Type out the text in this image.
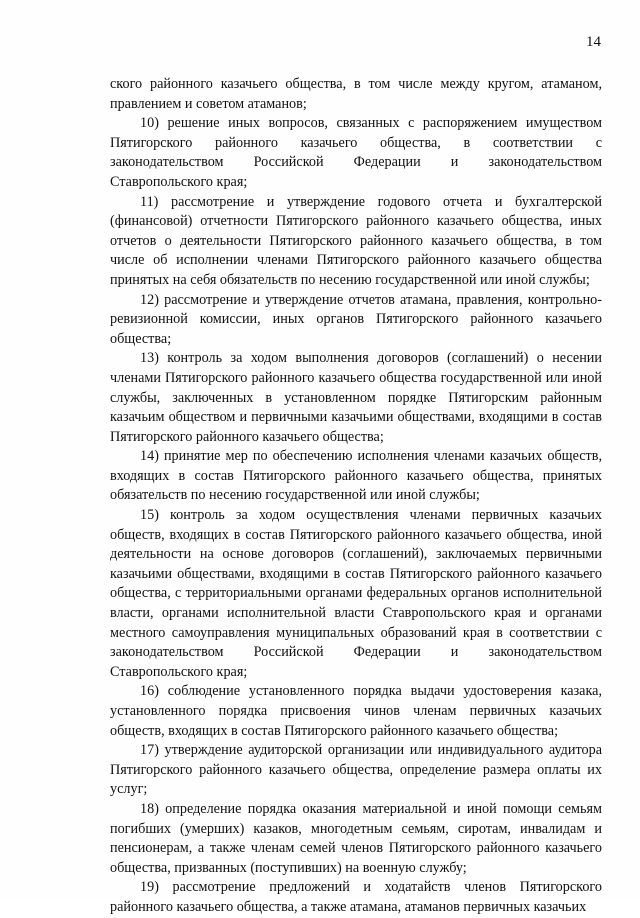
14

ского районного казачьего общества, в том числе между кругом, атаманом, правлением и советом атаманов;

10) решение иных вопросов, связанных с распоряжением имуществом Пятигорского районного казачьего общества, в соответствии с законодательством Российской Федерации и законодательством Ставропольского края;

11) рассмотрение и утверждение годового отчета и бухгалтерской (финансовой) отчетности Пятигорского районного казачьего общества, иных отчетов о деятельности Пятигорского районного казачьего общества, в том числе об исполнении членами Пятигорского районного казачьего общества принятых на себя обязательств по несению государственной или иной службы;

12) рассмотрение и утверждение отчетов атамана, правления, контрольно-ревизионной комиссии, иных органов Пятигорского районного казачьего общества;

13) контроль за ходом выполнения договоров (соглашений) о несении членами Пятигорского районного казачьего общества государственной или иной службы, заключенных в установленном порядке Пятигорским районным казачьим обществом и первичными казачьими обществами, входящими в состав Пятигорского районного казачьего общества;

14) принятие мер по обеспечению исполнения членами казачьих обществ, входящих в состав Пятигорского районного казачьего общества, принятых обязательств по несению государственной или иной службы;

15) контроль за ходом осуществления членами первичных казачьих обществ, входящих в состав Пятигорского районного казачьего общества, иной деятельности на основе договоров (соглашений), заключаемых первичными казачьими обществами, входящими в состав Пятигорского районного казачьего общества, с территориальными органами федеральных органов исполнительной власти, органами исполнительной власти Ставропольского края и органами местного самоуправления муниципальных образований края в соответствии с законодательством Российской Федерации и законодательством Ставропольского края;

16) соблюдение установленного порядка выдачи удостоверения казака, установленного порядка присвоения чинов членам первичных казачьих обществ, входящих в состав Пятигорского районного казачьего общества;

17) утверждение аудиторской организации или индивидуального аудитора Пятигорского районного казачьего общества, определение размера оплаты их услуг;

18) определение порядка оказания материальной и иной помощи семьям погибших (умерших) казаков, многодетным семьям, сиротам, инвалидам и пенсионерам, а также членам семей членов Пятигорского районного казачьего общества, призванных (поступивших) на военную службу;

19) рассмотрение предложений и ходатайств членов Пятигорского районного казачьего общества, а также атамана, атаманов первичных казачьих
